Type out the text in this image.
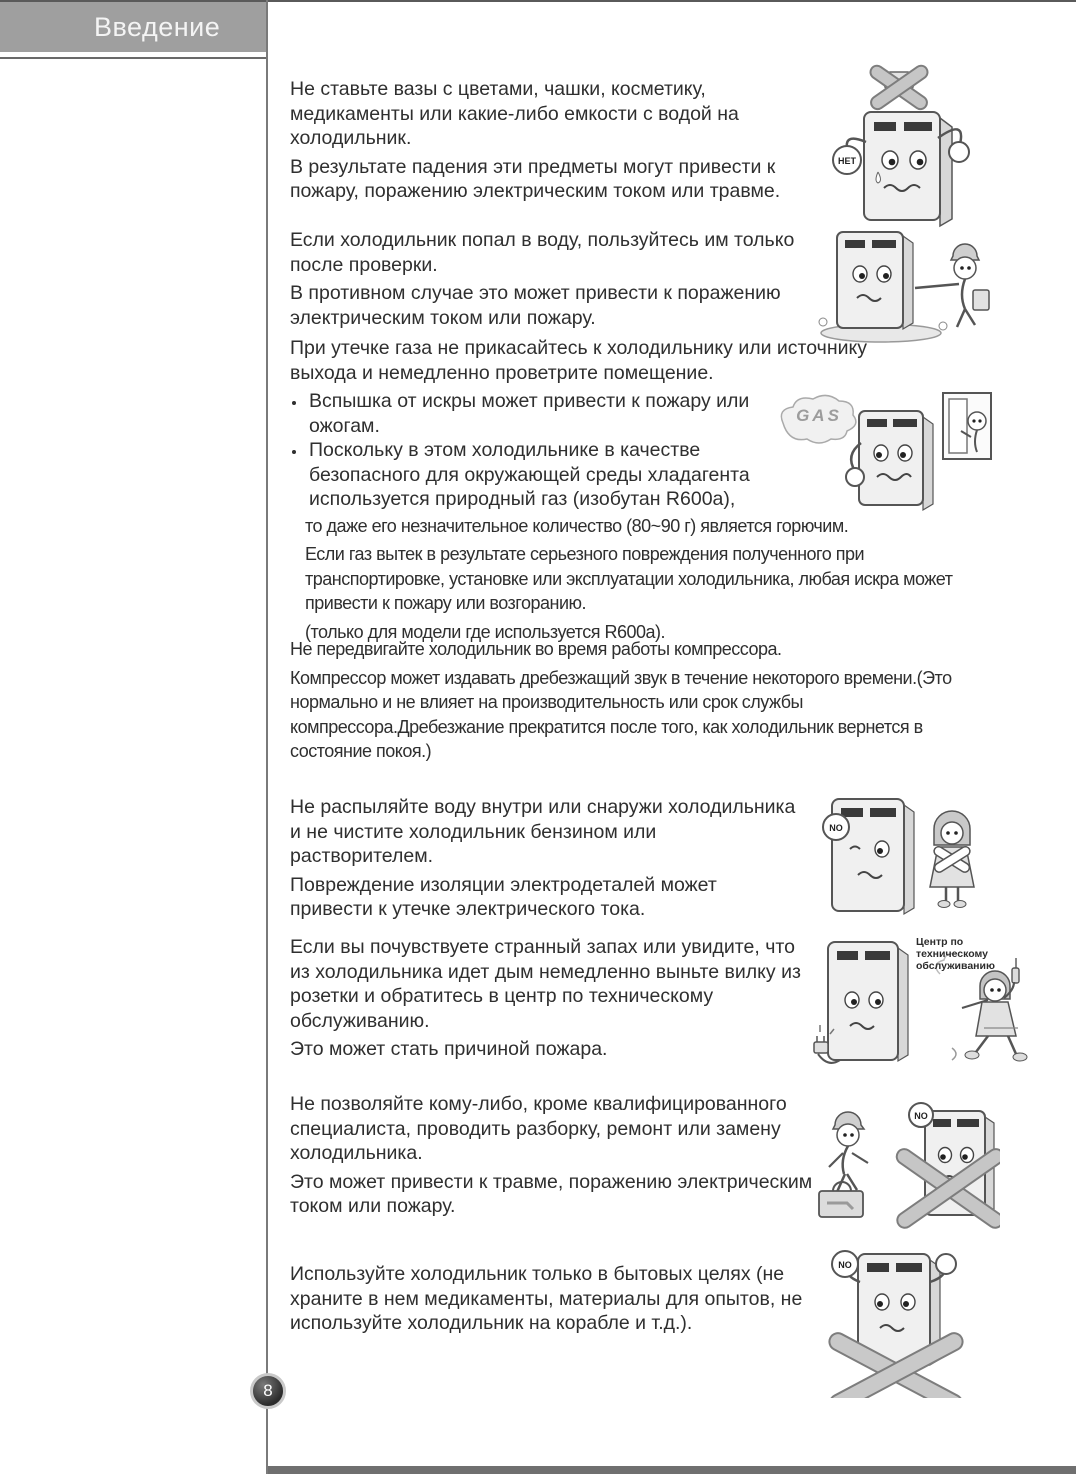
Введение

Не ставьте вазы с цветами, чашки, косметику, медикаменты или какие-либо емкости с водой на холодильник.

В результате падения эти предметы могут привести к пожару, поражению электрическим током или травме.

НЕТ

Если холодильник попал в воду, пользуйтесь им только после проверки.

В противном случае это может привести к поражению электрическим током или пожару.

При утечке газа не прикасайтесь к холодильнику или источнику выхода и немедленно проветрите помещение.

• Вспышка от искры может привести к пожару или ожогам.
• Поскольку в этом холодильнике в качестве безопасного для окружающей среды хладагента используется природный газ (изобутан R600a),

то даже его незначительное количество (80~90 г) является горючим.

Если газ вытек в результате серьезного повреждения полученного при транспортировке, установке или эксплуатации холодильника, любая искра может привести к пожару или возгоранию.

(только для модели где используется R600a).

GAS

Не передвигайте холодильник во время работы компрессора.

Компрессор может издавать дребезжащий звук в течение некоторого времени.(Это нормально и не влияет на производительность или срок службы компрессора.Дребезжание прекратится после того, как холодильник вернется в состояние покоя.)

Не распыляйте воду внутри или снаружи холодильника и не чистите холодильник бензином или растворителем.

Повреждение изоляции электродеталей может привести к утечке электрического тока.

NO

Если вы почувствуете странный запах или увидите, что из холодильника идет дым немедленно выньте вилку из розетки и обратитесь в центр по техническому обслуживанию.

Это может стать причиной пожара.

Центр по техническому обслуживанию

Не позволяйте кому-либо, кроме квалифицированного специалиста, проводить разборку, ремонт или замену холодильника.

Это может привести к травме, поражению электрическим током или пожару.

NO

Используйте холодильник только в бытовых целях (не храните в нем медикаменты, материалы для опытов, не используйте холодильник на корабле и т.д.).

NO
8
